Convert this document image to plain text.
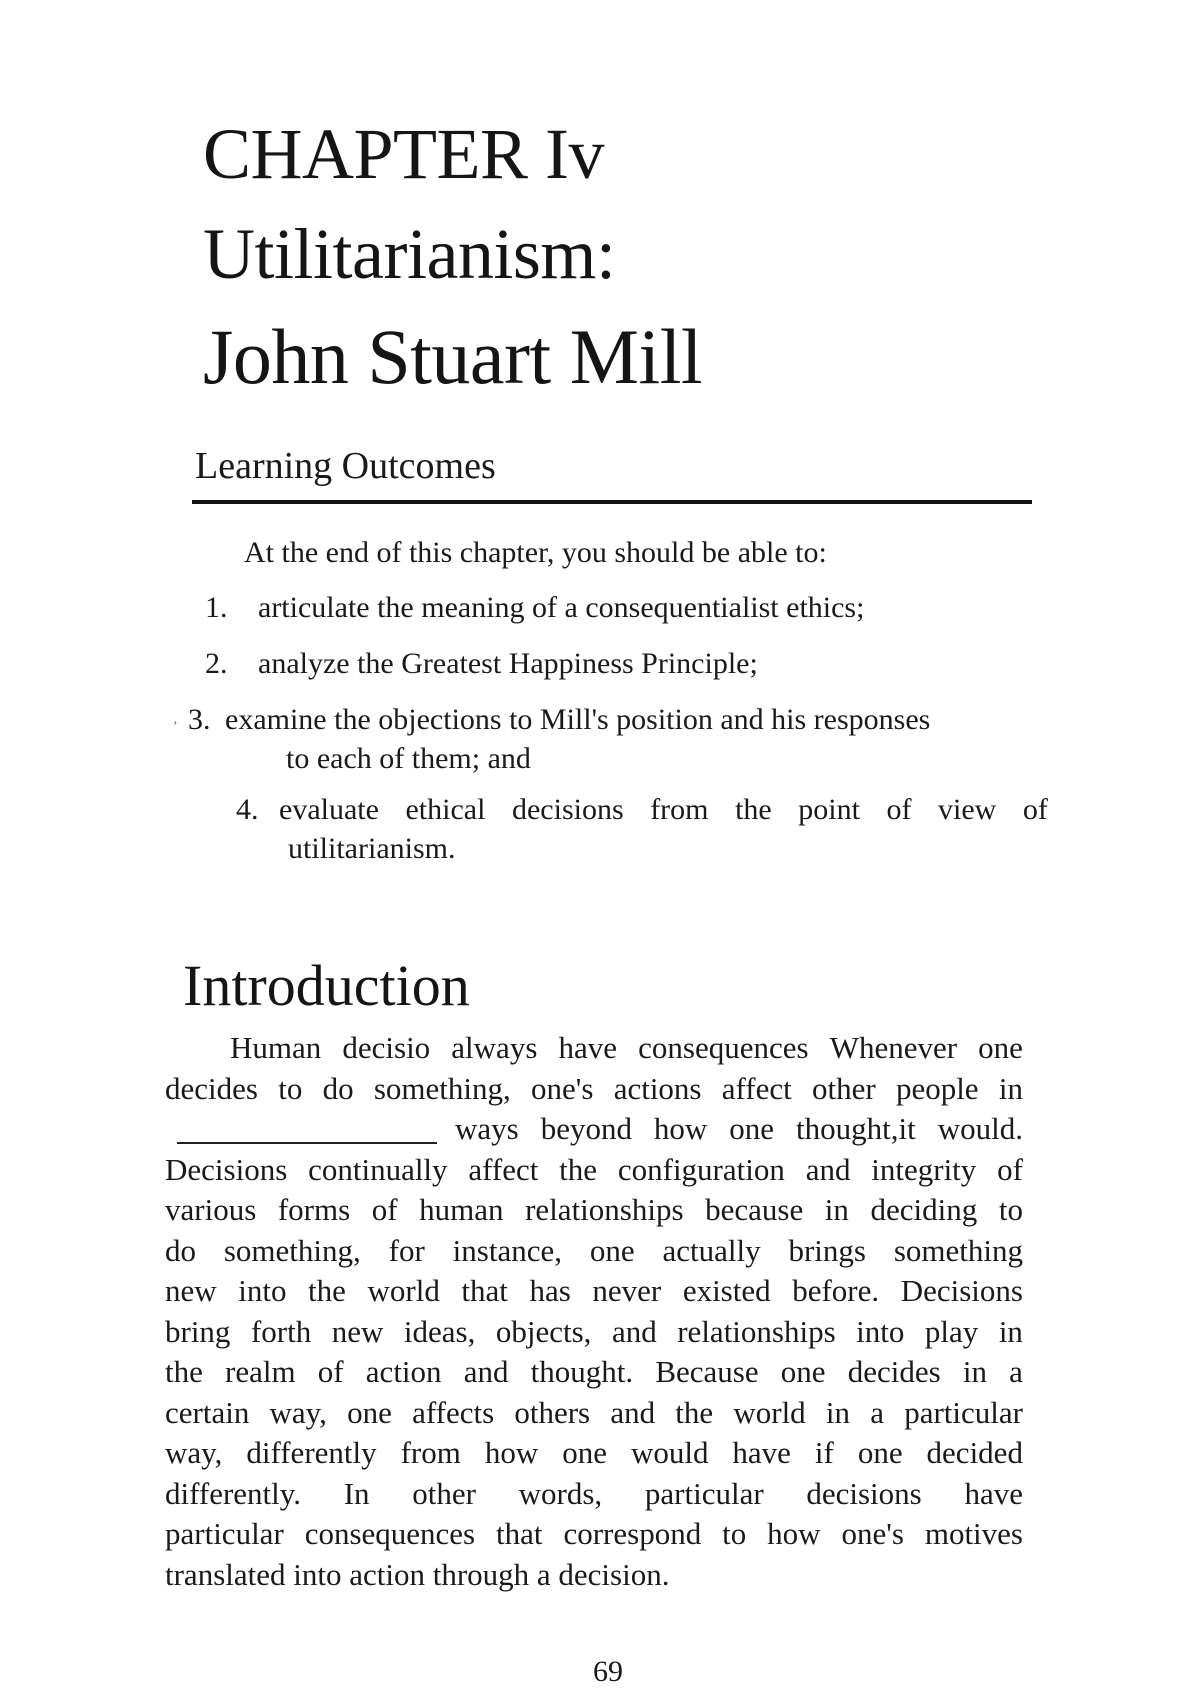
CHAPTER Iv
Utilitarianism:
John Stuart Mill
Learning Outcomes
At the end of this chapter, you should be able to:
1. articulate the meaning of a consequentialist ethics;
2. analyze the Greatest Happiness Principle;
‚ 3. examine the objections to Mill's position and his responses
to each of them; and
4. evaluate ethical decisions from the point of view of
utilitarianism.
Introduction
Human decisio always have consequences Whenever one
decides to do something, one's actions affect other people in
ways beyond how one thought,it would.
Decisions continually affect the configuration and integrity of
various forms of human relationships because in deciding to
do something, for instance, one actually brings something
new into the world that has never existed before. Decisions
bring forth new ideas, objects, and relationships into play in
the realm of action and thought. Because one decides in a
certain way, one affects others and the world in a particular
way, differently from how one would have if one decided
differently. In other words, particular decisions have
particular consequences that correspond to how one's motives
translated into action through a decision.
69
